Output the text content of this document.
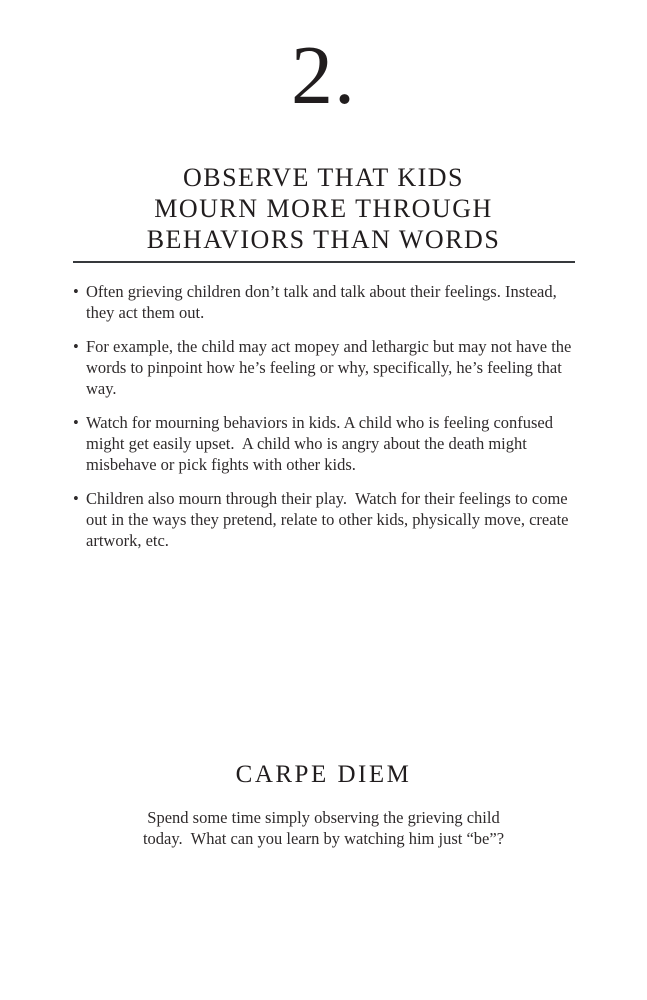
2.
OBSERVE THAT KIDS
MOURN MORE THROUGH
BEHAVIORS THAN WORDS
• Often grieving children don’t talk and talk about their feelings. Instead, they act them out.
• For example, the child may act mopey and lethargic but may not have the words to pinpoint how he’s feeling or why, specifically, he’s feeling that way.
• Watch for mourning behaviors in kids. A child who is feeling confused might get easily upset.  A child who is angry about the death might misbehave or pick fights with other kids.
• Children also mourn through their play.  Watch for their feelings to come out in the ways they pretend, relate to other kids, physically move, create artwork, etc.
CARPE DIEM
Spend some time simply observing the grieving child
today.  What can you learn by watching him just “be”?
